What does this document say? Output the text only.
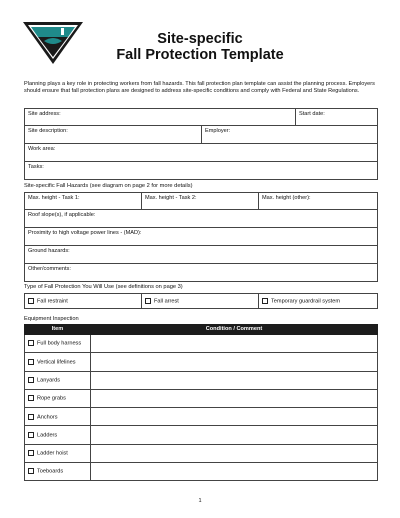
Site-specific
Fall Protection Template
Planning plays a key role in protecting workers from fall hazards. This fall protection plan template can assist the planning process. Employers should ensure that fall protection plans are designed to address site-specific conditions and comply with Federal and State Regulations.
Site address:		Start date:
Site description:	Employer:	
Work area:		
Tasks:		
Site-specific Fall Hazards (see diagram on page 2 for more details)
Max. height - Task 1:	Max. height - Task 2:	Max. height (other):
Roof slope(s), if applicable:
Proximity to high voltage power lines - (MAD):
Ground hazards:
Other/comments:
Type of Fall Protection You Will Use (see definitions on page 3)
Fall restraint	Fall arrest	Temporary guardrail system
Equipment Inspection
Item	Condition / Comment
Full body harness	
Vertical lifelines	
Lanyards	
Rope grabs	
Anchors	
Ladders	
Ladder hoist	
Toeboards	
1
